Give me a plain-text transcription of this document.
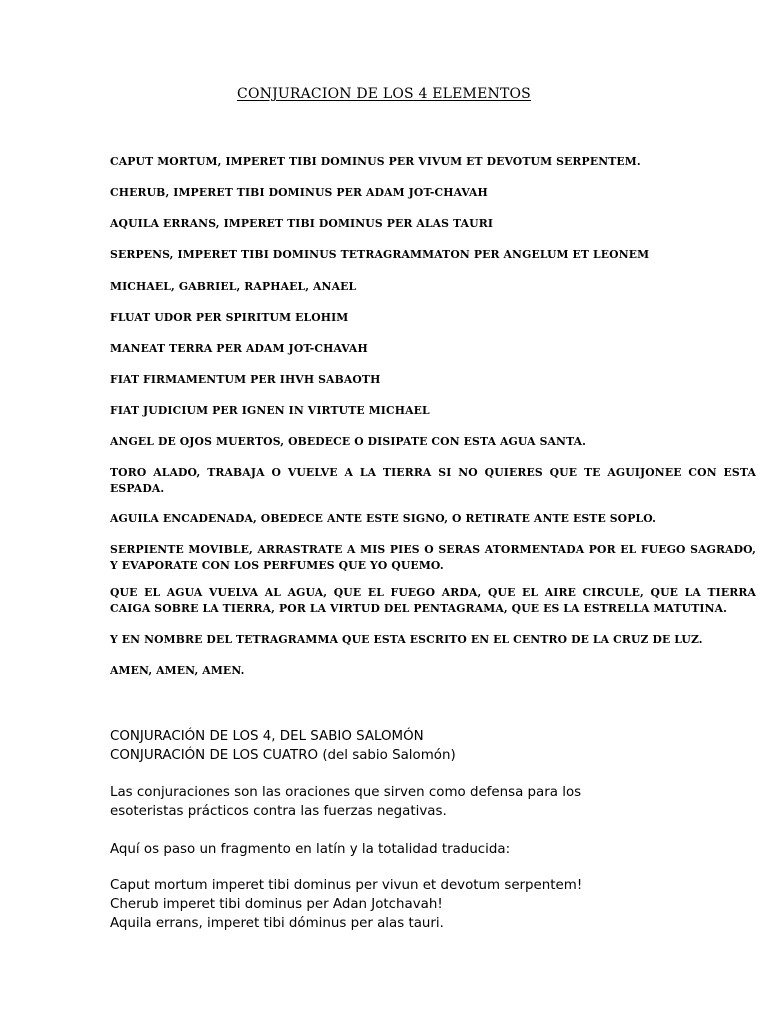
CONJURACION DE LOS 4 ELEMENTOS

CAPUT MORTUM, IMPERET TIBI DOMINUS PER VIVUM ET DEVOTUM SERPENTEM.

CHERUB, IMPERET TIBI DOMINUS PER ADAM JOT-CHAVAH

AQUILA ERRANS, IMPERET TIBI DOMINUS PER ALAS TAURI

SERPENS, IMPERET TIBI DOMINUS TETRAGRAMMATON PER ANGELUM ET LEONEM

MICHAEL, GABRIEL, RAPHAEL, ANAEL

FLUAT UDOR PER SPIRITUM ELOHIM

MANEAT TERRA PER ADAM JOT-CHAVAH

FIAT FIRMAMENTUM PER IHVH SABAOTH

FIAT JUDICIUM PER IGNEN IN VIRTUTE MICHAEL

ANGEL DE OJOS MUERTOS, OBEDECE O DISIPATE CON ESTA AGUA SANTA.

TORO ALADO, TRABAJA O VUELVE A LA TIERRA SI NO QUIERES QUE TE AGUIJONEE CON ESTA ESPADA.

AGUILA ENCADENADA, OBEDECE ANTE ESTE SIGNO, O RETIRATE ANTE ESTE SOPLO.

SERPIENTE MOVIBLE, ARRASTRATE A MIS PIES O SERAS ATORMENTADA POR EL FUEGO SAGRADO, Y EVAPORATE CON LOS PERFUMES QUE YO QUEMO.

QUE EL AGUA VUELVA AL AGUA, QUE EL FUEGO ARDA, QUE EL AIRE CIRCULE, QUE LA TIERRA CAIGA SOBRE LA TIERRA, POR LA VIRTUD DEL PENTAGRAMA, QUE ES LA ESTRELLA MATUTINA.

Y EN NOMBRE DEL TETRAGRAMMA QUE ESTA ESCRITO EN EL CENTRO DE LA CRUZ DE LUZ.

AMEN, AMEN, AMEN.

CONJURACIÓN DE LOS 4, DEL SABIO SALOMÓN
CONJURACIÓN DE LOS CUATRO (del sabio Salomón)
Las conjuraciones son las oraciones que sirven como defensa para los
esoteristas prácticos contra las fuerzas negativas.
Aquí os paso un fragmento en latín y la totalidad traducida:
Caput mortum imperet tibi dominus per vivun et devotum serpentem!
Cherub imperet tibi dominus per Adan Jotchavah!
Aquila errans, imperet tibi dóminus per alas tauri.
